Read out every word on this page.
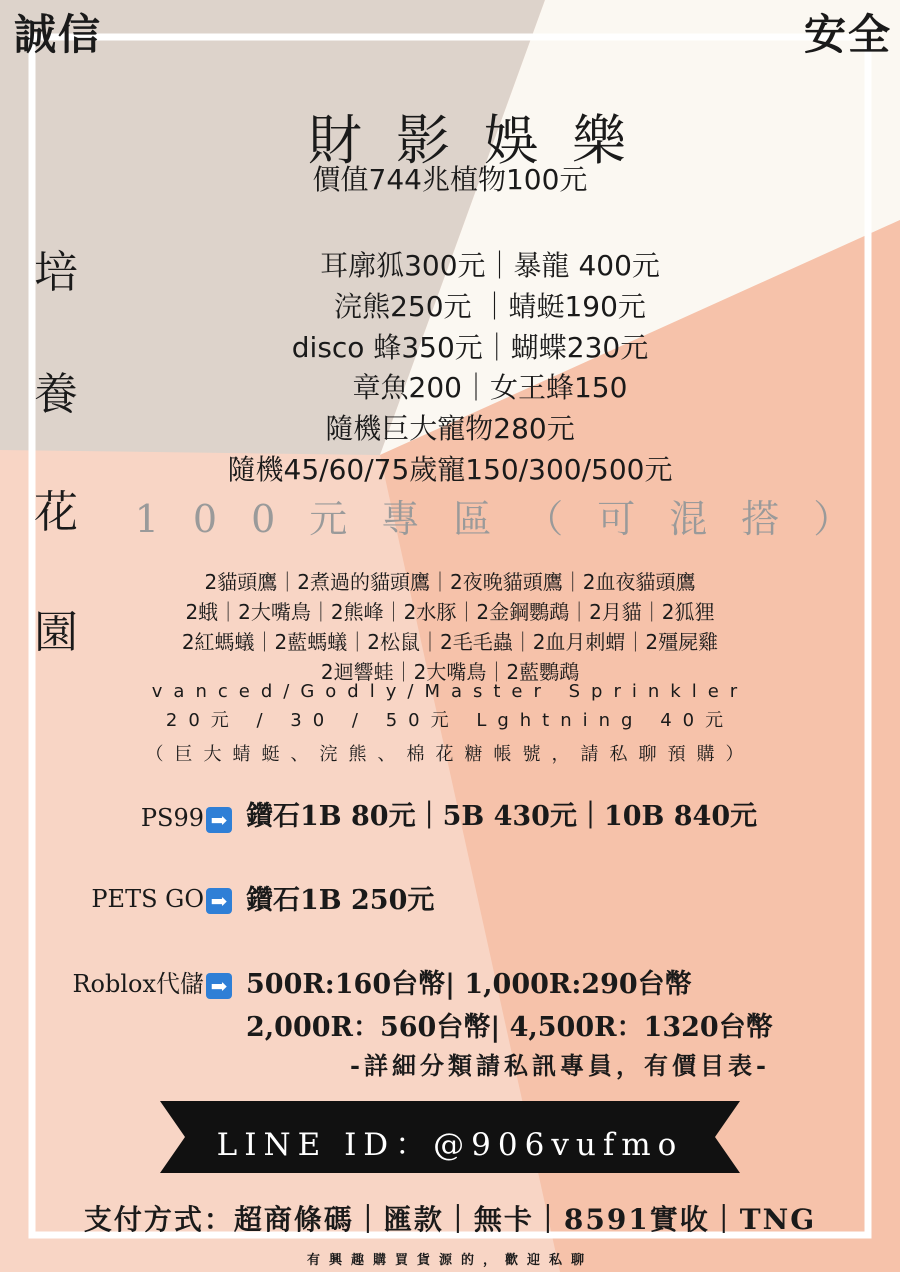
誠信	安全
財影娛樂
價值744兆植物100元
培
養
花
園
耳廓狐300元｜暴龍 400元
浣熊250元 ｜蜻蜓190元
disco 蜂350元｜蝴蝶230元
章魚200｜女王蜂150
隨機巨大寵物280元
隨機45/60/75歲寵150/300/500元
100元專區（可混搭）
2貓頭鷹｜2煮過的貓頭鷹｜2夜晚貓頭鷹｜2血夜貓頭鷹
2蛾｜2大嘴鳥｜2熊峰｜2水豚｜2金鋼鸚鵡｜2月貓｜2狐狸
2紅螞蟻｜2藍螞蟻｜2松鼠｜2毛毛蟲｜2血月刺蝟｜2殭屍雞
2迴響蛙｜2大嘴鳥｜2藍鸚鵡
vanced/Godly/Master Sprinkler
20元 / 30 / 50元 Lghtning 40元
（巨大蜻蜓、浣熊、棉花糖帳號，請私聊預購）
PS99 ➡ 鑽石1B 80元｜5B 430元｜10B 840元
PETS GO ➡ 鑽石1B 250元
Roblox代儲 ➡ 500R:160台幣| 1,000R:290台幣
2,000R：560台幣| 4,500R：1320台幣
-詳細分類請私訊專員，有價目表-
LINE ID：@906vufmo
支付方式：超商條碼｜匯款｜無卡｜8591實收｜TNG
有興趣購買貨源的，歡迎私聊
